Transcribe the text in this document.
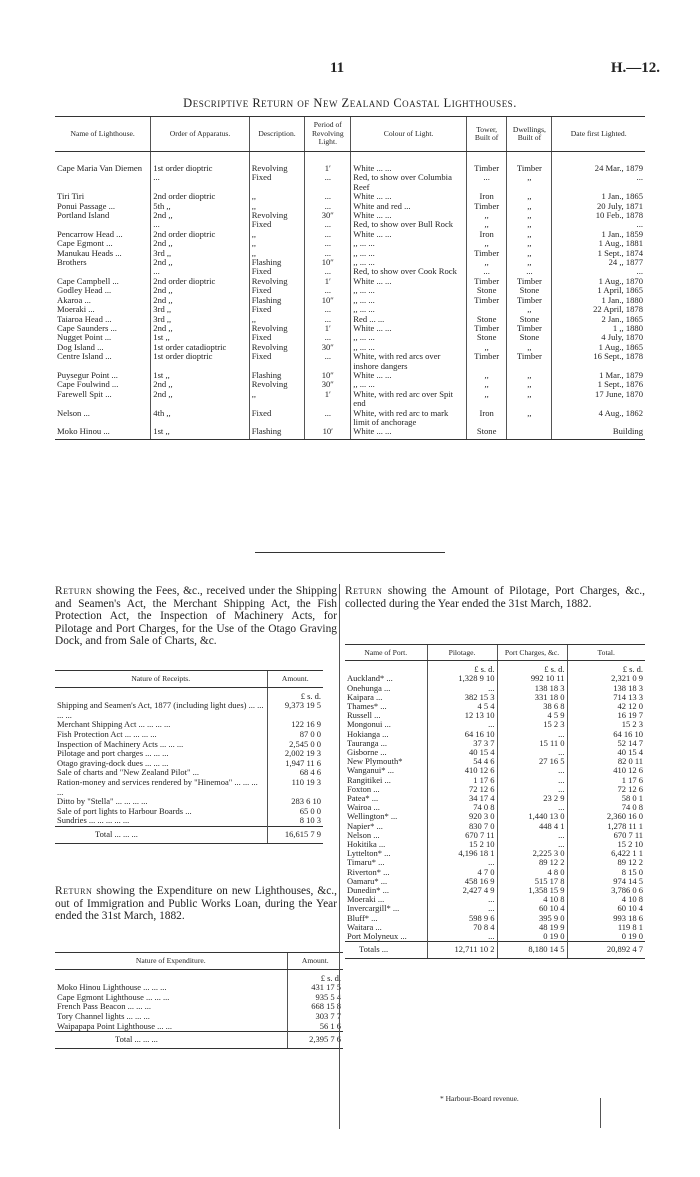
11	H.—12.
Descriptive Return of New Zealand Coastal Lighthouses.
Name of Lighthouse.	Order of Apparatus.	Description.	Period of Revolving Light.	Colour of Light.	Tower, Built of	Dwellings, Built of	Date first Lighted.
Cape Maria Van Diemen	1st order dioptric	Revolving	1′	White ... ...	Timber	Timber	24 Mar., 1879
	...	Fixed	...	Red, to show over Columbia Reef	...	,,	...
Tiri Tiri	2nd order dioptric	,,	...	White ... ...	Iron	,,	1 Jan., 1865
Ponui Passage ...	5th ,,	,,	...	White and red ...	Timber	,,	20 July, 1871
Portland Island	2nd ,,	Revolving	30″	White ... ...	,,	,,	10 Feb., 1878
	...	Fixed	...	Red, to show over Bull Rock	,,	,,	...
Pencarrow Head ...	2nd order dioptric	,,	...	White ... ...	Iron	,,	1 Jan., 1859
Cape Egmont ...	2nd ,,	,,	...	,, ... ...	,,	,,	1 Aug., 1881
Manukau Heads ...	3rd ,,	,,	...	,, ... ...	Timber	,,	1 Sept., 1874
Brothers	2nd ,,	Flashing	10″	,, ... ...	,,	,,	24 ,, 1877
	...	Fixed	...	Red, to show over Cook Rock	...	...	...
Cape Campbell ...	2nd order dioptric	Revolving	1′	White ... ...	Timber	Timber	1 Aug., 1870
Godley Head ...	2nd ,,	Fixed	...	,, ... ...	Stone	Stone	1 April, 1865
Akaroa ...	2nd ,,	Flashing	10″	,, ... ...	Timber	Timber	1 Jan., 1880
Moeraki ...	3rd ,,	Fixed	...	,, ... ...		,,	22 April, 1878
Taiaroa Head ...	3rd ,,	,,	...	Red ... ...	Stone	Stone	2 Jan., 1865
Cape Saunders ...	2nd ,,	Revolving	1′	White ... ...	Timber	Timber	1 ,, 1880
Nugget Point ...	1st ,,	Fixed	...	,, ... ...	Stone	Stone	4 July, 1870
Dog Island ...	1st order catadioptric	Revolving	30″	,, ... ...	,,	,,	1 Aug., 1865
Centre Island ...	1st order dioptric	Fixed	...	White, with red arcs over inshore dangers	Timber	Timber	16 Sept., 1878
Puysegur Point ...	1st ,,	Flashing	10″	White ... ...	,,	,,	1 Mar., 1879
Cape Foulwind ...	2nd ,,	Revolving	30″	,, ... ...	,,	,,	1 Sept., 1876
Farewell Spit ...	2nd ,,	,,	1′	White, with red arc over Spit end	,,	,,	17 June, 1870
Nelson ...	4th ,,	Fixed	...	White, with red arc to mark limit of anchorage	Iron	,,	4 Aug., 1862
Moko Hinou ...	1st ,,	Flashing	10′	White ... ...	Stone		Building
Return showing the Fees, &c., received under the Shipping and Seamen's Act, the Merchant Shipping Act, the Fish Protection Act, the Inspection of Machinery Acts, for Pilotage and Port Charges, for the Use of the Otago Graving Dock, and from Sale of Charts, &c.
Nature of Receipts.	Amount.
	£ s. d.
Shipping and Seamen's Act, 1877 (including light dues) ... ... ... ...	9,373 19 5
Merchant Shipping Act ... ... ... ...	122 16 9
Fish Protection Act ... ... ... ...	87 0 0
Inspection of Machinery Acts ... ... ...	2,545 0 0
Pilotage and port charges ... ... ...	2,002 19 3
Otago graving-dock dues ... ... ...	1,947 11 6
Sale of charts and "New Zealand Pilot" ...	68 4 6
Ration-money and services rendered by "Hinemoa" ... ... ... ...	110 19 3
Ditto by "Stella" ... ... ... ...	283 6 10
Sale of port lights to Harbour Boards ...	65 0 0
Sundries ... ... ... ... ...	8 10 3
Total ... ... ...	16,615 7 9
Return showing the Expenditure on new Lighthouses, &c., out of Immigration and Public Works Loan, during the Year ended the 31st March, 1882.
Nature of Expenditure.	Amount.
	£ s. d.
Moko Hinou Lighthouse ... ... ...	431 17 5
Cape Egmont Lighthouse ... ... ...	935 5 4
French Pass Beacon ... ... ...	668 15 8
Tory Channel lights ... ... ...	303 7 7
Waipapapa Point Lighthouse ... ...	56 1 6
Total ... ... ...	2,395 7 6
Return showing the Amount of Pilotage, Port Charges, &c., collected during the Year ended the 31st March, 1882.
Name of Port.	Pilotage.	Port Charges, &c.	Total.
	£ s. d.	£ s. d.	£ s. d.
Auckland* ...	1,328 9 10	992 10 11	2,321 0 9
Onehunga ...	...	138 18 3	138 18 3
Kaipara ...	382 15 3	331 18 0	714 13 3
Thames* ...	4 5 4	38 6 8	42 12 0
Russell ...	12 13 10	4 5 9	16 19 7
Mongonui ...	...	15 2 3	15 2 3
Hokianga ...	64 16 10	...	64 16 10
Tauranga ...	37 3 7	15 11 0	52 14 7
Gisborne ...	40 15 4	...	40 15 4
New Plymouth*	54 4 6	27 16 5	82 0 11
Wanganui* ...	410 12 6	...	410 12 6
Rangitikei ...	1 17 6	...	1 17 6
Foxton ...	72 12 6	...	72 12 6
Patea* ...	34 17 4	23 2 9	58 0 1
Wairoa ...	74 0 8	...	74 0 8
Wellington* ...	920 3 0	1,440 13 0	2,360 16 0
Napier* ...	830 7 0	448 4 1	1,278 11 1
Nelson ...	670 7 11	...	670 7 11
Hokitika ...	15 2 10	...	15 2 10
Lyttelton* ...	4,196 18 1	2,225 3 0	6,422 1 1
Timaru* ...	...	89 12 2	89 12 2
Riverton* ...	4 7 0	4 8 0	8 15 0
Oamaru* ...	458 16 9	515 17 8	974 14 5
Dunedin* ...	2,427 4 9	1,358 15 9	3,786 0 6
Moeraki ...	...	4 10 8	4 10 8
Invercargill* ...	...	60 10 4	60 10 4
Bluff* ...	598 9 6	395 9 0	993 18 6
Waitara ...	70 8 4	48 19 9	119 8 1
Port Molyneux ...	...	0 19 0	0 19 0
Totals ...	12,711 10 2	8,180 14 5	20,892 4 7
* Harbour-Board revenue.
